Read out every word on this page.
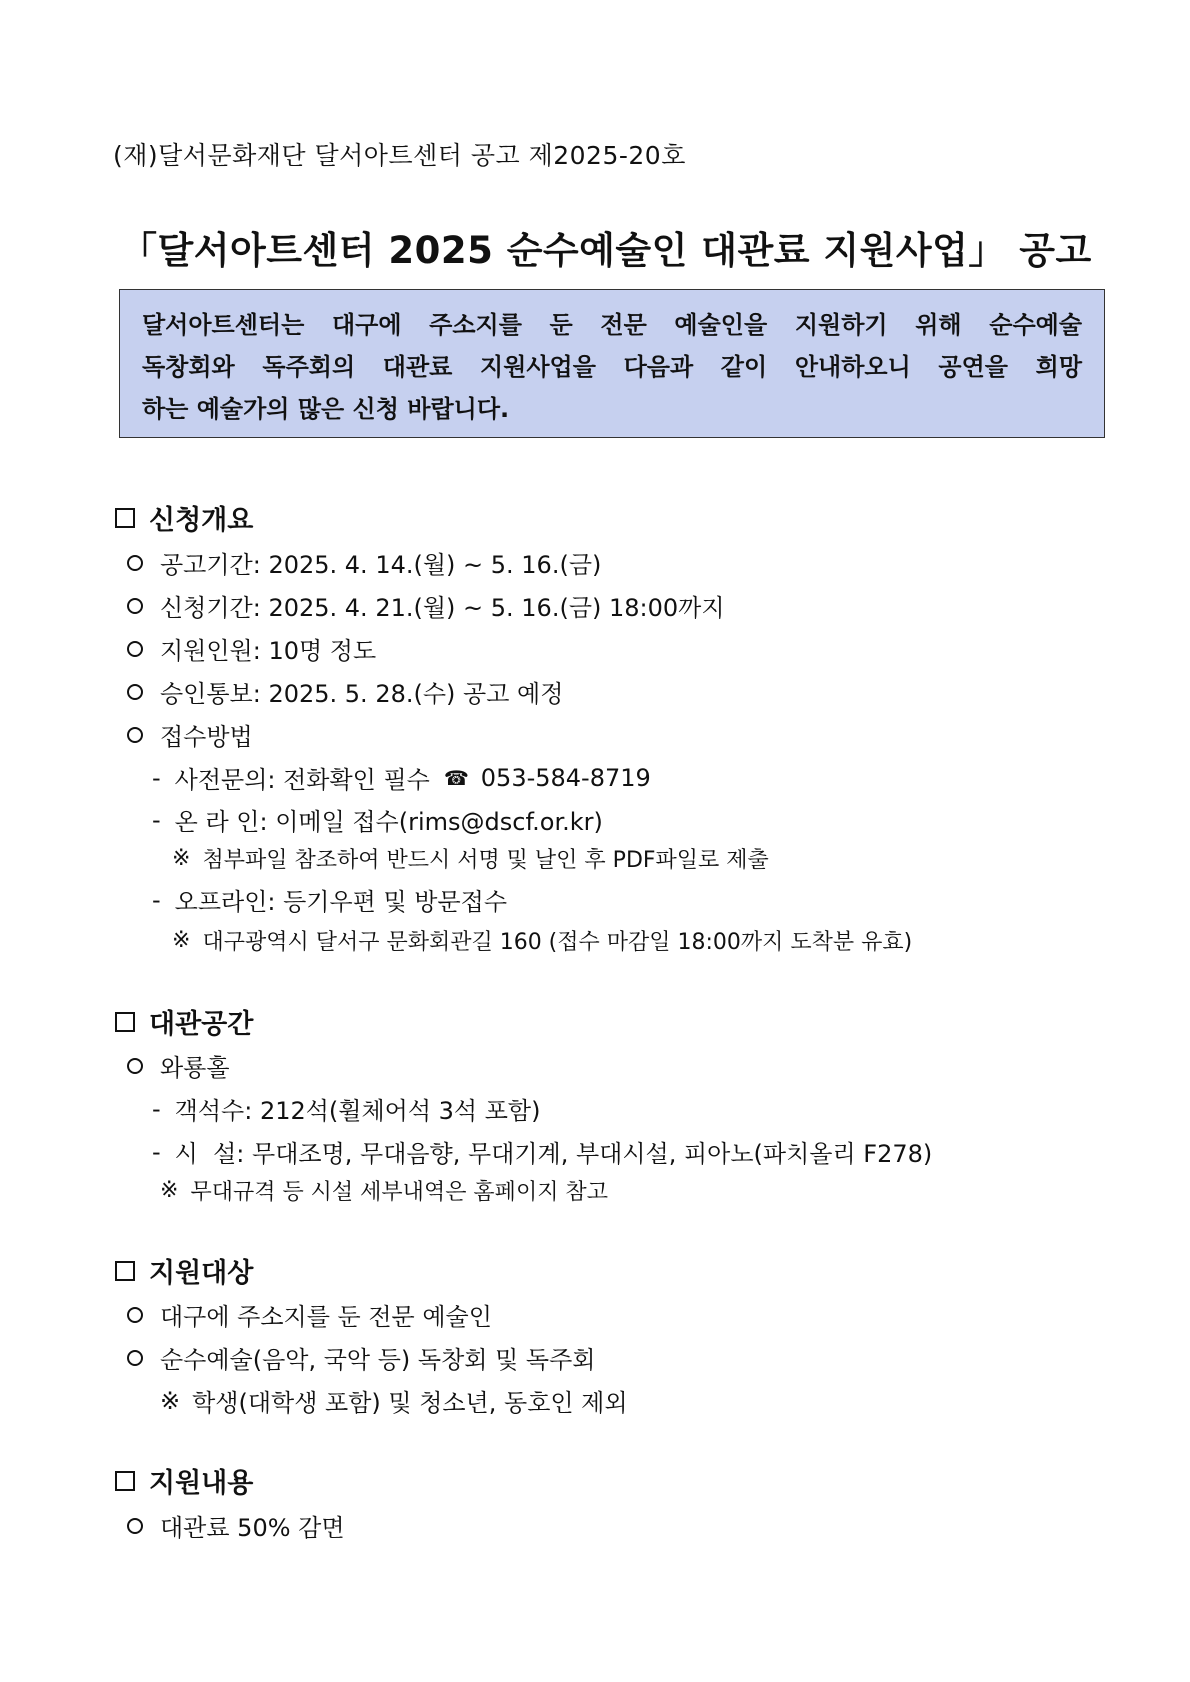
(재)달서문화재단 달서아트센터 공고 제2025-20호
「달서아트센터 2025 순수예술인 대관료 지원사업」 공고
달서아트센터는 대구에 주소지를 둔 전문 예술인을 지원하기 위해 순수예술
독창회와 독주회의 대관료 지원사업을 다음과 같이 안내하오니 공연을 희망
하는 예술가의 많은 신청 바랍니다.
신청개요
공고기간: 2025. 4. 14.(월) ~ 5. 16.(금)
신청기간: 2025. 4. 21.(월) ~ 5. 16.(금) 18:00까지
지원인원: 10명 정도
승인통보: 2025. 5. 28.(수) 공고 예정
접수방법
- 사전문의: 전화확인 필수 ☎ 053-584-8719
- 온 라 인: 이메일 접수(rims@dscf.or.kr)
※ 첨부파일 참조하여 반드시 서명 및 날인 후 PDF파일로 제출
- 오프라인: 등기우편 및 방문접수
※ 대구광역시 달서구 문화회관길 160 (접수 마감일 18:00까지 도착분 유효)
대관공간
와룡홀
- 객석수: 212석(휠체어석 3석 포함)
- 시  설: 무대조명, 무대음향, 무대기계, 부대시설, 피아노(파치올리 F278)
※ 무대규격 등 시설 세부내역은 홈페이지 참고
지원대상
대구에 주소지를 둔 전문 예술인
순수예술(음악, 국악 등) 독창회 및 독주회
※ 학생(대학생 포함) 및 청소년, 동호인 제외
지원내용
대관료 50% 감면
